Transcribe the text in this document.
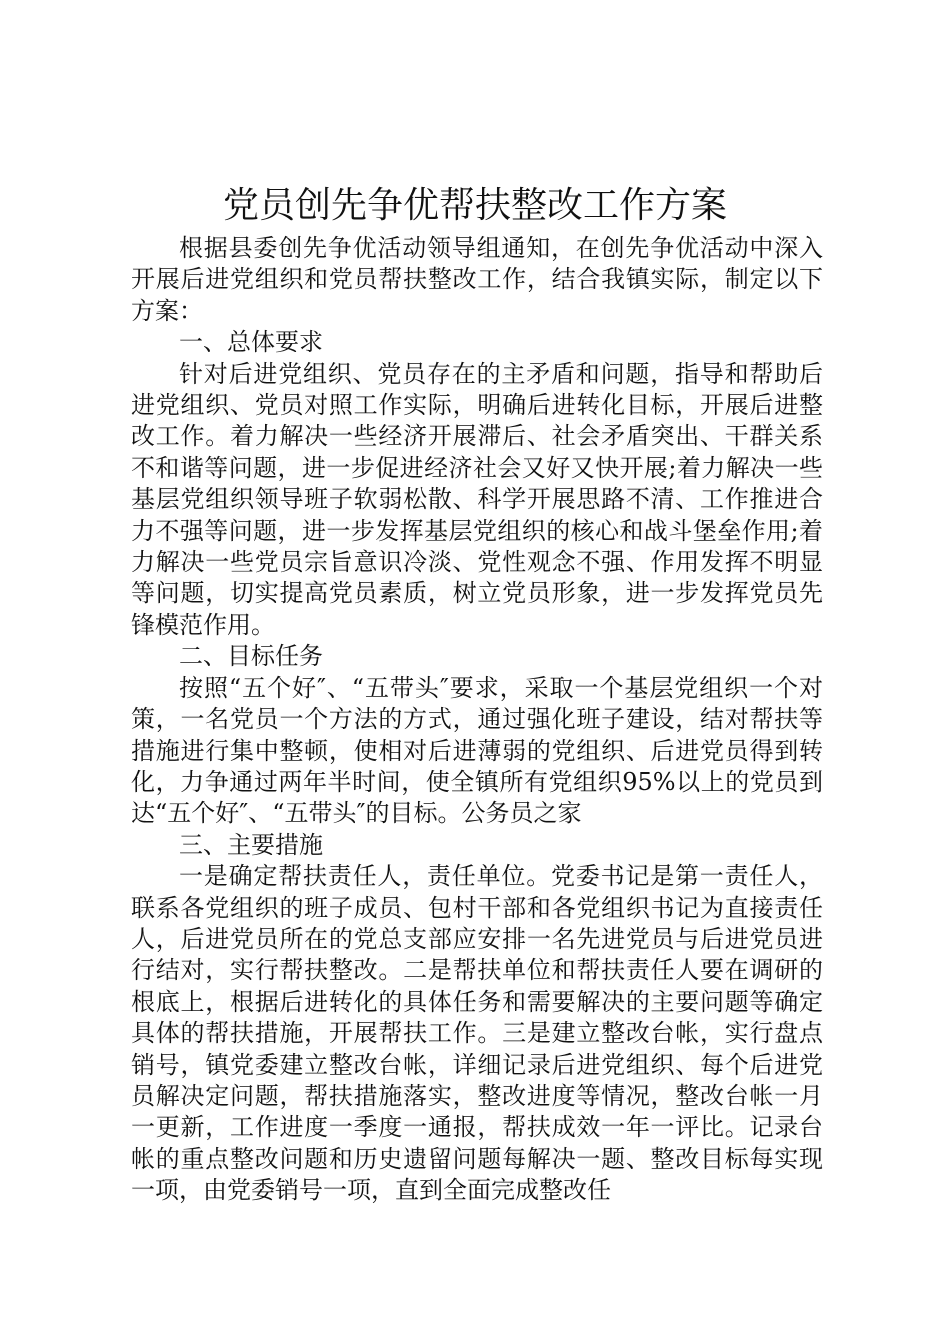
党员创先争优帮扶整改工作方案

根据县委创先争优活动领导组通知，在创先争优活动中深入开展后进党组织和党员帮扶整改工作，结合我镇实际，制定以下方案：

一、总体要求

针对后进党组织、党员存在的主矛盾和问题，指导和帮助后进党组织、党员对照工作实际，明确后进转化目标，开展后进整改工作。着力解决一些经济开展滞后、社会矛盾突出、干群关系不和谐等问题，进一步促进经济社会又好又快开展;着力解决一些基层党组织领导班子软弱松散、科学开展思路不清、工作推进合力不强等问题，进一步发挥基层党组织的核心和战斗堡垒作用;着力解决一些党员宗旨意识冷淡、党性观念不强、作用发挥不明显等问题，切实提高党员素质，树立党员形象，进一步发挥党员先锋模范作用。

二、目标任务

按照“五个好″、“五带头″要求，采取一个基层党组织一个对策，一名党员一个方法的方式，通过强化班子建设，结对帮扶等措施进行集中整顿，使相对后进薄弱的党组织、后进党员得到转化，力争通过两年半时间，使全镇所有党组织95%以上的党员到达“五个好″、“五带头″的目标。公务员之家

三、主要措施

一是确定帮扶责任人，责任单位。党委书记是第一责任人，联系各党组织的班子成员、包村干部和各党组织书记为直接责任人，后进党员所在的党总支部应安排一名先进党员与后进党员进行结对，实行帮扶整改。二是帮扶单位和帮扶责任人要在调研的根底上，根据后进转化的具体任务和需要解决的主要问题等确定具体的帮扶措施，开展帮扶工作。三是建立整改台帐，实行盘点销号，镇党委建立整改台帐，详细记录后进党组织、每个后进党员解决定问题，帮扶措施落实，整改进度等情况，整改台帐一月一更新，工作进度一季度一通报，帮扶成效一年一评比。记录台帐的重点整改问题和历史遗留问题每解决一题、整改目标每实现一项，由党委销号一项，直到全面完成整改任
